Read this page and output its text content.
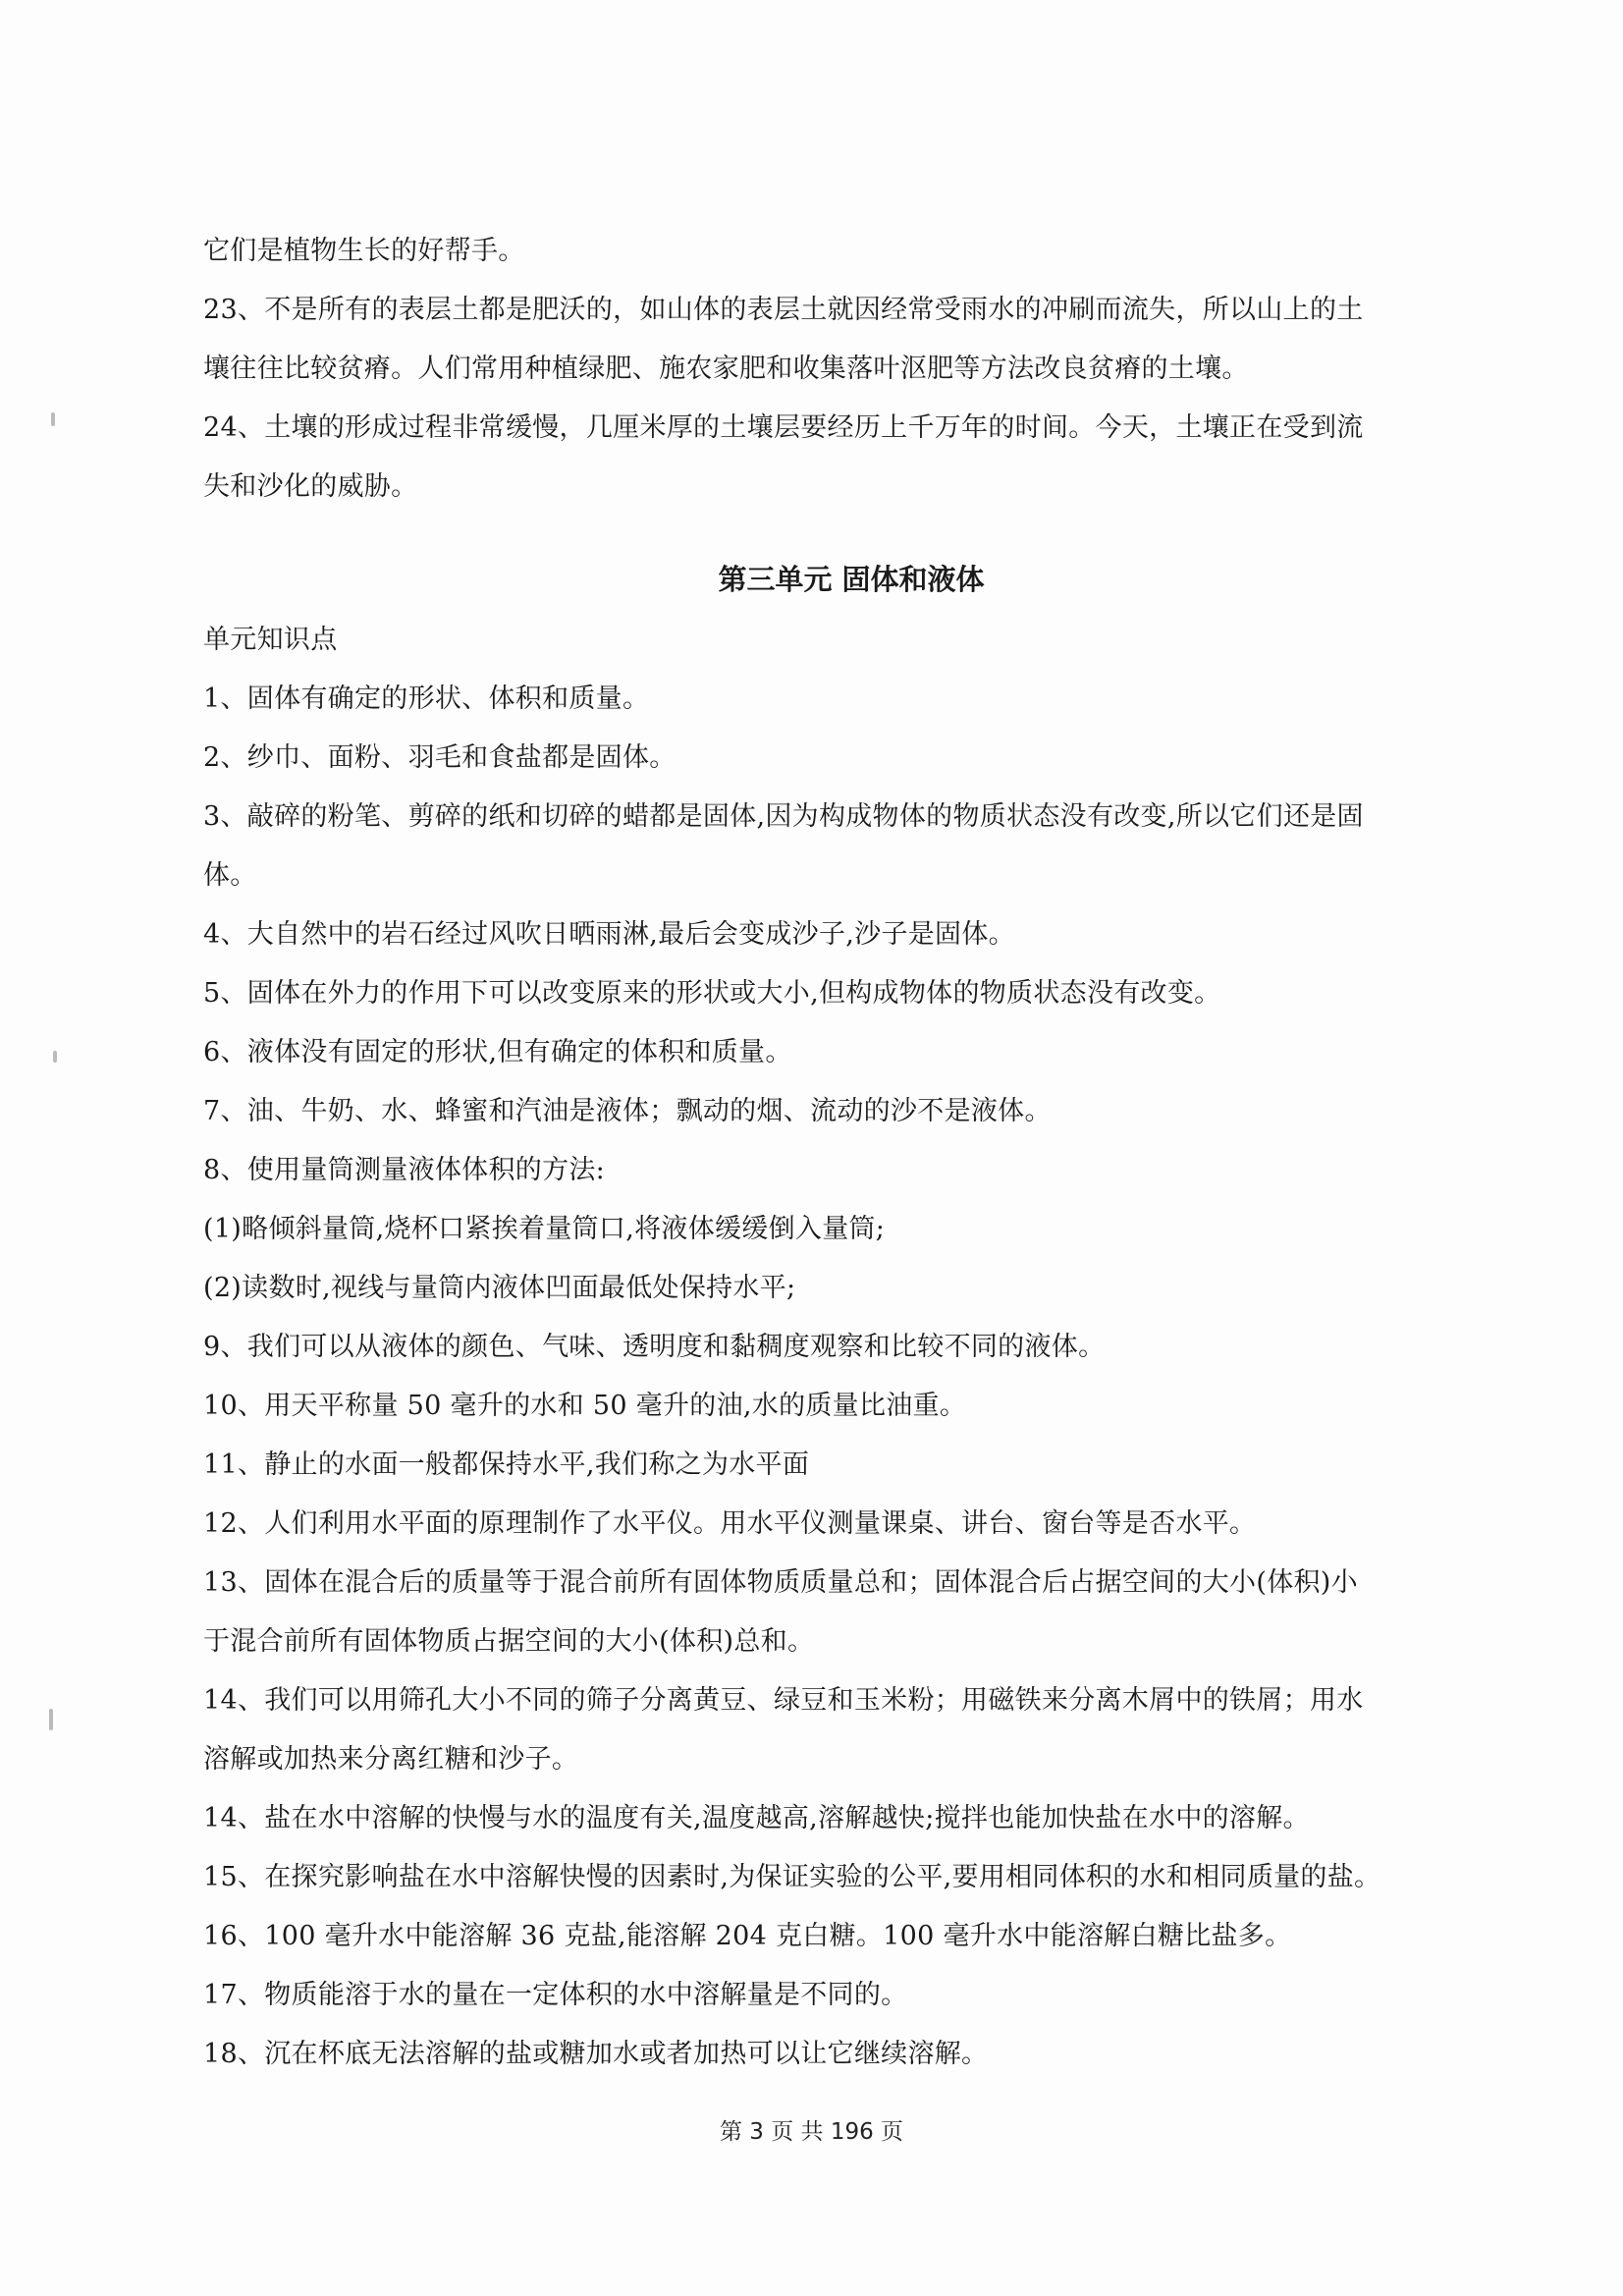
它们是植物生长的好帮手。
23、不是所有的表层土都是肥沃的，如山体的表层土就因经常受雨水的冲刷而流失，所以山上的土
壤往往比较贫瘠。人们常用种植绿肥、施农家肥和收集落叶沤肥等方法改良贫瘠的土壤。
24、土壤的形成过程非常缓慢，几厘米厚的土壤层要经历上千万年的时间。今天，土壤正在受到流
失和沙化的威胁。
第三单元 固体和液体
单元知识点
1、固体有确定的形状、体积和质量。
2、纱巾、面粉、羽毛和食盐都是固体。
3、敲碎的粉笔、剪碎的纸和切碎的蜡都是固体,因为构成物体的物质状态没有改变,所以它们还是固
体。
4、大自然中的岩石经过风吹日晒雨淋,最后会变成沙子,沙子是固体。
5、固体在外力的作用下可以改变原来的形状或大小,但构成物体的物质状态没有改变。
6、液体没有固定的形状,但有确定的体积和质量。
7、油、牛奶、水、蜂蜜和汽油是液体；飘动的烟、流动的沙不是液体。
8、使用量筒测量液体体积的方法:
(1)略倾斜量筒,烧杯口紧挨着量筒口,将液体缓缓倒入量筒;
(2)读数时,视线与量筒内液体凹面最低处保持水平;
9、我们可以从液体的颜色、气味、透明度和黏稠度观察和比较不同的液体。
10、用天平称量 50 毫升的水和 50 毫升的油,水的质量比油重。
11、静止的水面一般都保持水平,我们称之为水平面
12、人们利用水平面的原理制作了水平仪。用水平仪测量课桌、讲台、窗台等是否水平。
13、固体在混合后的质量等于混合前所有固体物质质量总和；固体混合后占据空间的大小(体积)小
于混合前所有固体物质占据空间的大小(体积)总和。
14、我们可以用筛孔大小不同的筛子分离黄豆、绿豆和玉米粉；用磁铁来分离木屑中的铁屑；用水
溶解或加热来分离红糖和沙子。
14、盐在水中溶解的快慢与水的温度有关,温度越高,溶解越快;搅拌也能加快盐在水中的溶解。
15、在探究影响盐在水中溶解快慢的因素时,为保证实验的公平,要用相同体积的水和相同质量的盐。
16、100 毫升水中能溶解 36 克盐,能溶解 204 克白糖。100 毫升水中能溶解白糖比盐多。
17、物质能溶于水的量在一定体积的水中溶解量是不同的。
18、沉在杯底无法溶解的盐或糖加水或者加热可以让它继续溶解。
第 3 页 共 196 页
